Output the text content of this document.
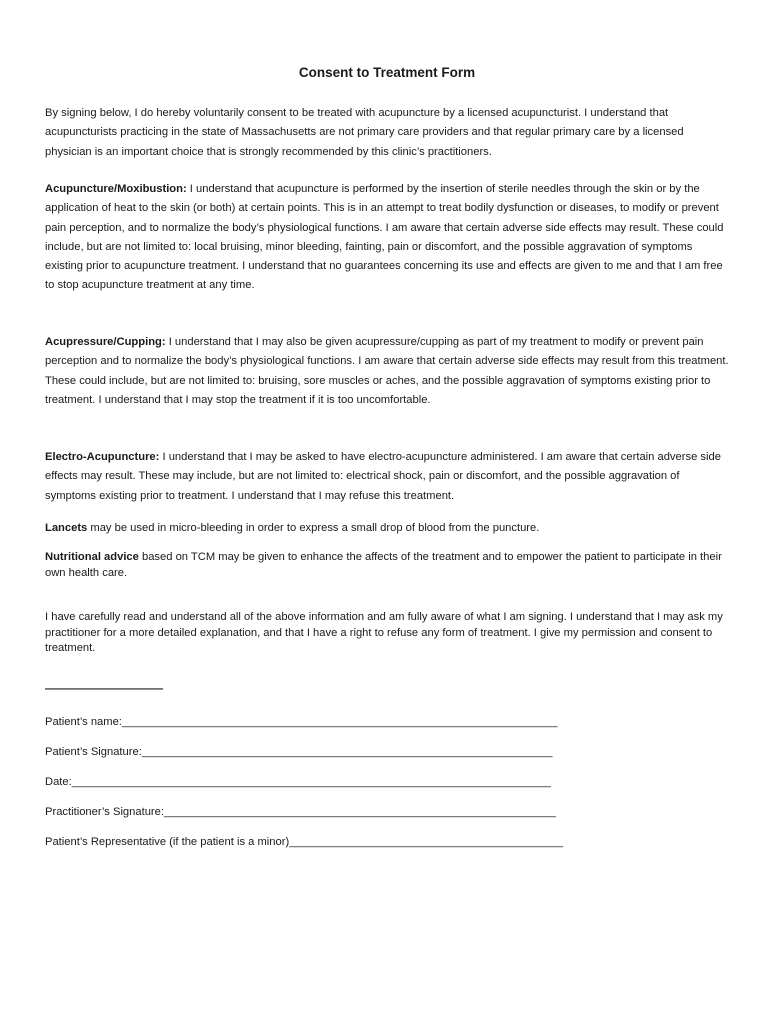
Consent to Treatment Form

By signing below, I do hereby voluntarily consent to be treated with acupuncture by a licensed acupuncturist. I understand that acupuncturists practicing in the state of Massachusetts are not primary care providers and that regular primary care by a licensed physician is an important choice that is strongly recommended by this clinic’s practitioners.

Acupuncture/Moxibustion: I understand that acupuncture is performed by the insertion of sterile needles through the skin or by the application of heat to the skin (or both) at certain points. This is in an attempt to treat bodily dysfunction or diseases, to modify or prevent pain perception, and to normalize the body’s physiological functions. I am aware that certain adverse side effects may result. These could include, but are not limited to: local bruising, minor bleeding, fainting, pain or discomfort, and the possible aggravation of symptoms existing prior to acupuncture treatment. I understand that no guarantees concerning its use and effects are given to me and that I am free to stop acupuncture treatment at any time.

Acupressure/Cupping: I understand that I may also be given acupressure/cupping as part of my treatment to modify or prevent pain perception and to normalize the body’s physiological functions. I am aware that certain adverse side effects may result from this treatment. These could include, but are not limited to: bruising, sore muscles or aches, and the possible aggravation of symptoms existing prior to treatment. I understand that I may stop the treatment if it is too uncomfortable.

Electro-Acupuncture: I understand that I may be asked to have electro-acupuncture administered. I am aware that certain adverse side effects may result. These may include, but are not limited to: electrical shock, pain or discomfort, and the possible aggravation of symptoms existing prior to treatment. I understand that I may refuse this treatment.

Lancets may be used in micro-bleeding in order to express a small drop of blood from the puncture.

Nutritional advice based on TCM may be given to enhance the affects of the treatment and to empower the patient to participate in their own health care.

I have carefully read and understand all of the above information and am fully aware of what I am signing. I understand that I may ask my practitioner for a more detailed explanation, and that I have a right to refuse any form of treatment. I give my permission and consent to treatment.

———————————

Patient’s name:______________________________________________________________________

Patient’s Signature:__________________________________________________________________

Date:_____________________________________________________________________________

Practitioner’s Signature:_______________________________________________________________

Patient’s Representative (if the patient is a minor)____________________________________________
